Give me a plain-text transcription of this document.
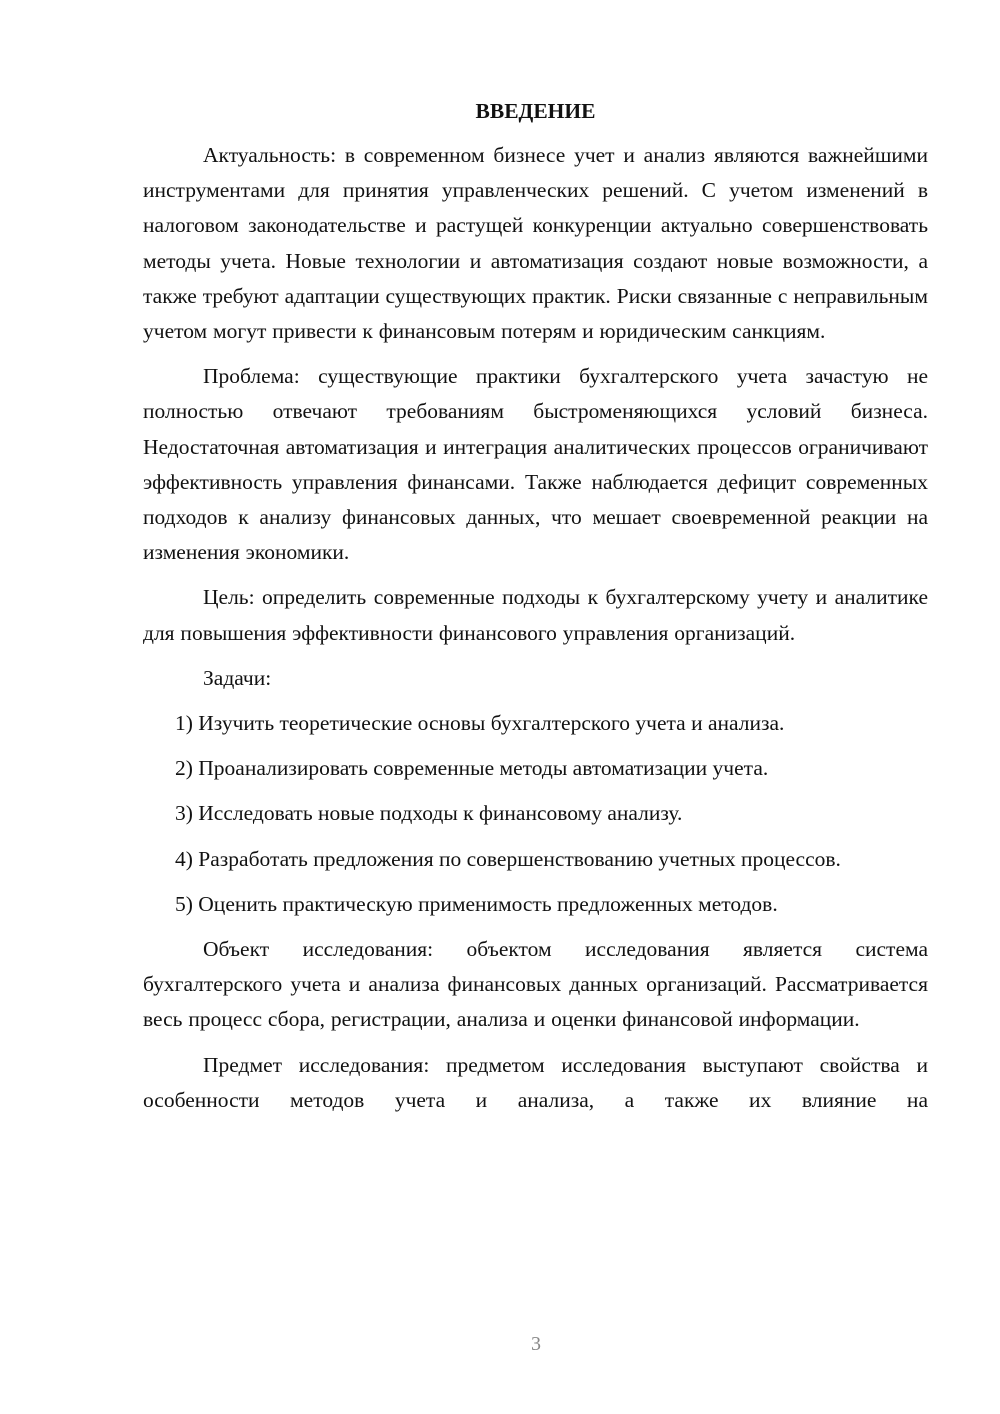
ВВЕДЕНИЕ

Актуальность: в современном бизнесе учет и анализ являются важнейшими инструментами для принятия управленческих решений. С учетом изменений в налоговом законодательстве и растущей конкуренции актуально совершенствовать методы учета. Новые технологии и автоматизация создают новые возможности, а также требуют адаптации существующих практик. Риски связанные с неправильным учетом могут привести к финансовым потерям и юридическим санкциям.

Проблема: существующие практики бухгалтерского учета зачастую не полностью отвечают требованиям быстроменяющихся условий бизнеса. Недостаточная автоматизация и интеграция аналитических процессов ограничивают эффективность управления финансами. Также наблюдается дефицит современных подходов к анализу финансовых данных, что мешает своевременной реакции на изменения экономики.

Цель: определить современные подходы к бухгалтерскому учету и аналитике для повышения эффективности финансового управления организаций.

Задачи:

1) Изучить теоретические основы бухгалтерского учета и анализа.

2) Проанализировать современные методы автоматизации учета.

3) Исследовать новые подходы к финансовому анализу.

4) Разработать предложения по совершенствованию учетных процессов.

5) Оценить практическую применимость предложенных методов.

Объект исследования: объектом исследования является система бухгалтерского учета и анализа финансовых данных организаций. Рассматривается весь процесс сбора, регистрации, анализа и оценки финансовой информации.

Предмет исследования: предметом исследования выступают свойства и особенности методов учета и анализа, а также их влияние на

3
